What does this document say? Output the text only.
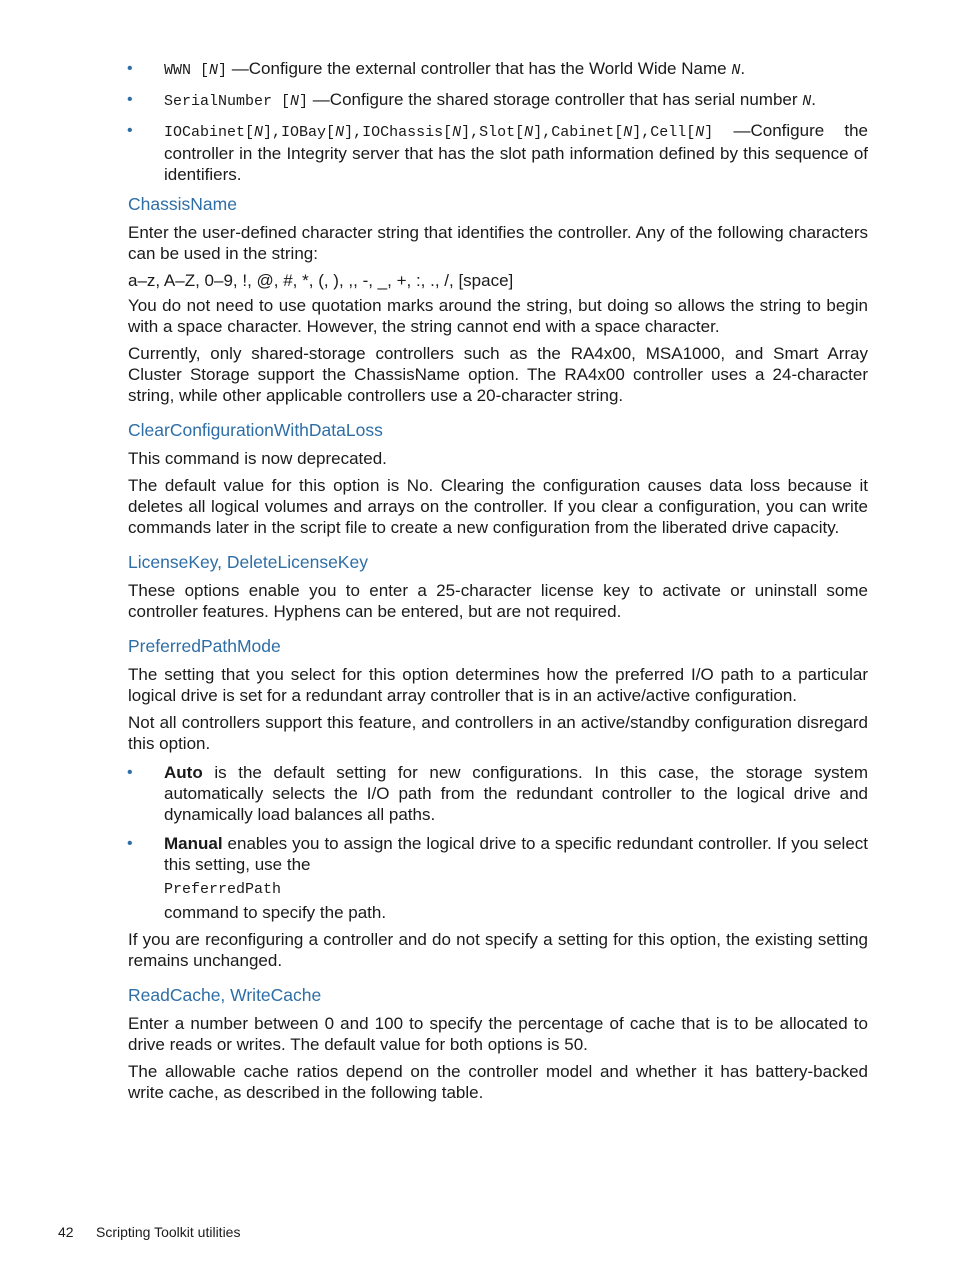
• WWN [N] —Configure the external controller that has the World Wide Name N.
• SerialNumber [N] —Configure the shared storage controller that has serial number N.
• IOCabinet[N],IOBay[N],IOChassis[N],Slot[N],Cabinet[N],Cell[N] —Configure the controller in the Integrity server that has the slot path information defined by this sequence of identifiers.
ChassisName

Enter the user-defined character string that identifies the controller. Any of the following characters can be used in the string:

a–z, A–Z, 0–9, !, @, #, *, (, ), ,, -, _, +, :, ., /, [space]

You do not need to use quotation marks around the string, but doing so allows the string to begin with a space character. However, the string cannot end with a space character.

Currently, only shared-storage controllers such as the RA4x00, MSA1000, and Smart Array Cluster Storage support the ChassisName option. The RA4x00 controller uses a 24-character string, while other applicable controllers use a 20-character string.

ClearConfigurationWithDataLoss

This command is now deprecated.

The default value for this option is No. Clearing the configuration causes data loss because it deletes all logical volumes and arrays on the controller. If you clear a configuration, you can write commands later in the script file to create a new configuration from the liberated drive capacity.

LicenseKey, DeleteLicenseKey

These options enable you to enter a 25-character license key to activate or uninstall some controller features. Hyphens can be entered, but are not required.

PreferredPathMode

The setting that you select for this option determines how the preferred I/O path to a particular logical drive is set for a redundant array controller that is in an active/active configuration.

Not all controllers support this feature, and controllers in an active/standby configuration disregard this option.

• Auto is the default setting for new configurations. In this case, the storage system automatically selects the I/O path from the redundant controller to the logical drive and dynamically load balances all paths.
• Manual enables you to assign the logical drive to a specific redundant controller. If you select this setting, use the
PreferredPath
command to specify the path.

If you are reconfiguring a controller and do not specify a setting for this option, the existing setting remains unchanged.

ReadCache, WriteCache

Enter a number between 0 and 100 to specify the percentage of cache that is to be allocated to drive reads or writes. The default value for both options is 50.

The allowable cache ratios depend on the controller model and whether it has battery-backed write cache, as described in the following table.

42 Scripting Toolkit utilities
